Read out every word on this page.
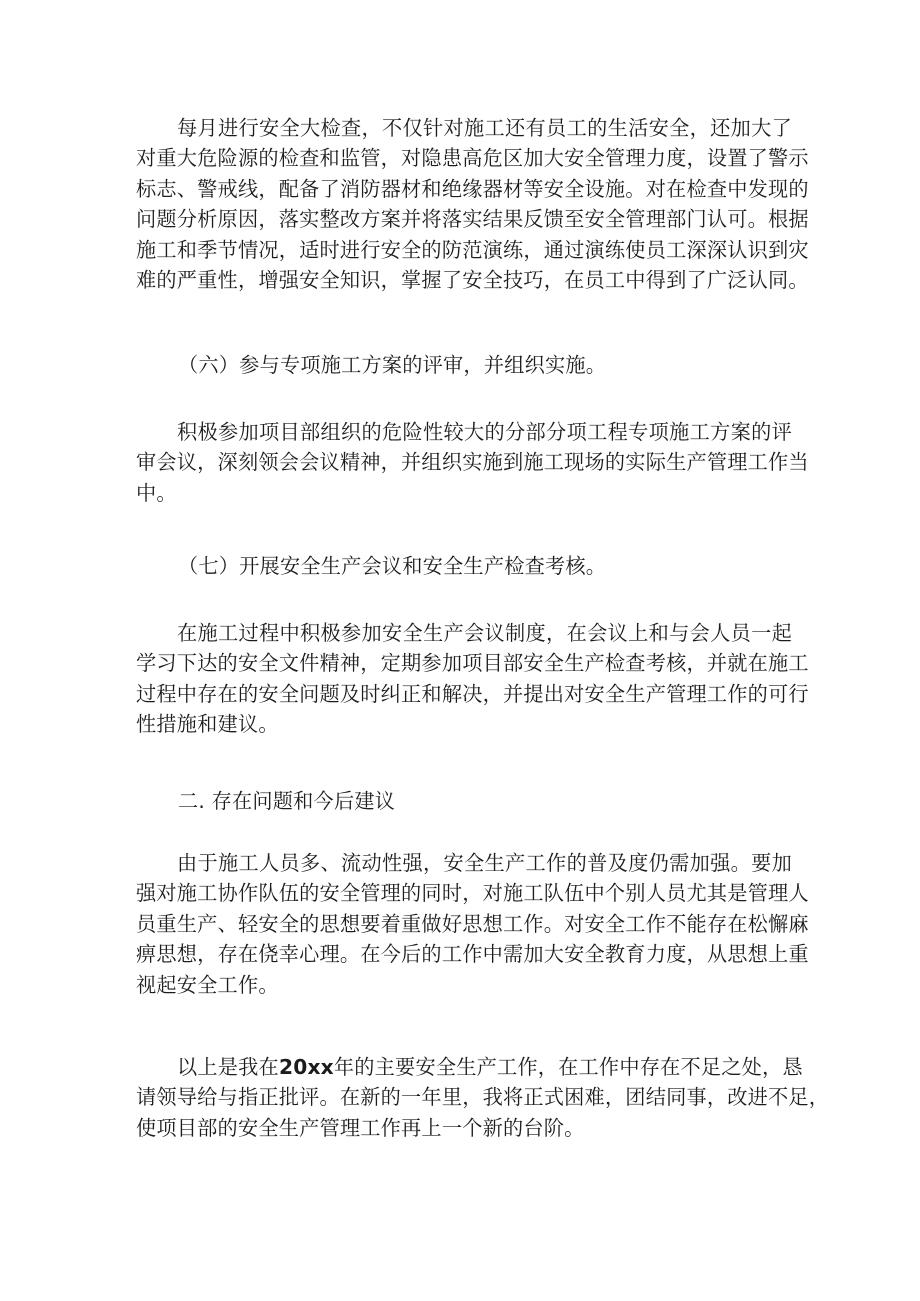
每月进行安全大检查，不仅针对施工还有员工的生活安全，还加大了
对重大危险源的检查和监管，对隐患高危区加大安全管理力度，设置了警示
标志、警戒线，配备了消防器材和绝缘器材等安全设施。对在检查中发现的
问题分析原因，落实整改方案并将落实结果反馈至安全管理部门认可。根据
施工和季节情况，适时进行安全的防范演练，通过演练使员工深深认识到灾
难的严重性，增强安全知识，掌握了安全技巧，在员工中得到了广泛认同。

（六）参与专项施工方案的评审，并组织实施。

积极参加项目部组织的危险性较大的分部分项工程专项施工方案的评
审会议，深刻领会会议精神，并组织实施到施工现场的实际生产管理工作当
中。

（七）开展安全生产会议和安全生产检查考核。

在施工过程中积极参加安全生产会议制度，在会议上和与会人员一起
学习下达的安全文件精神，定期参加项目部安全生产检查考核，并就在施工
过程中存在的安全问题及时纠正和解决，并提出对安全生产管理工作的可行
性措施和建议。

二. 存在问题和今后建议

由于施工人员多、流动性强，安全生产工作的普及度仍需加强。要加
强对施工协作队伍的安全管理的同时，对施工队伍中个别人员尤其是管理人
员重生产、轻安全的思想要着重做好思想工作。对安全工作不能存在松懈麻
痹思想，存在侥幸心理。在今后的工作中需加大安全教育力度，从思想上重
视起安全工作。
以上是我在20xx年的主要安全生产工作，在工作中存在不足之处，恳
请领导给与指正批评。在新的一年里，我将正式困难，团结同事，改进不足，
使项目部的安全生产管理工作再上一个新的台阶。
